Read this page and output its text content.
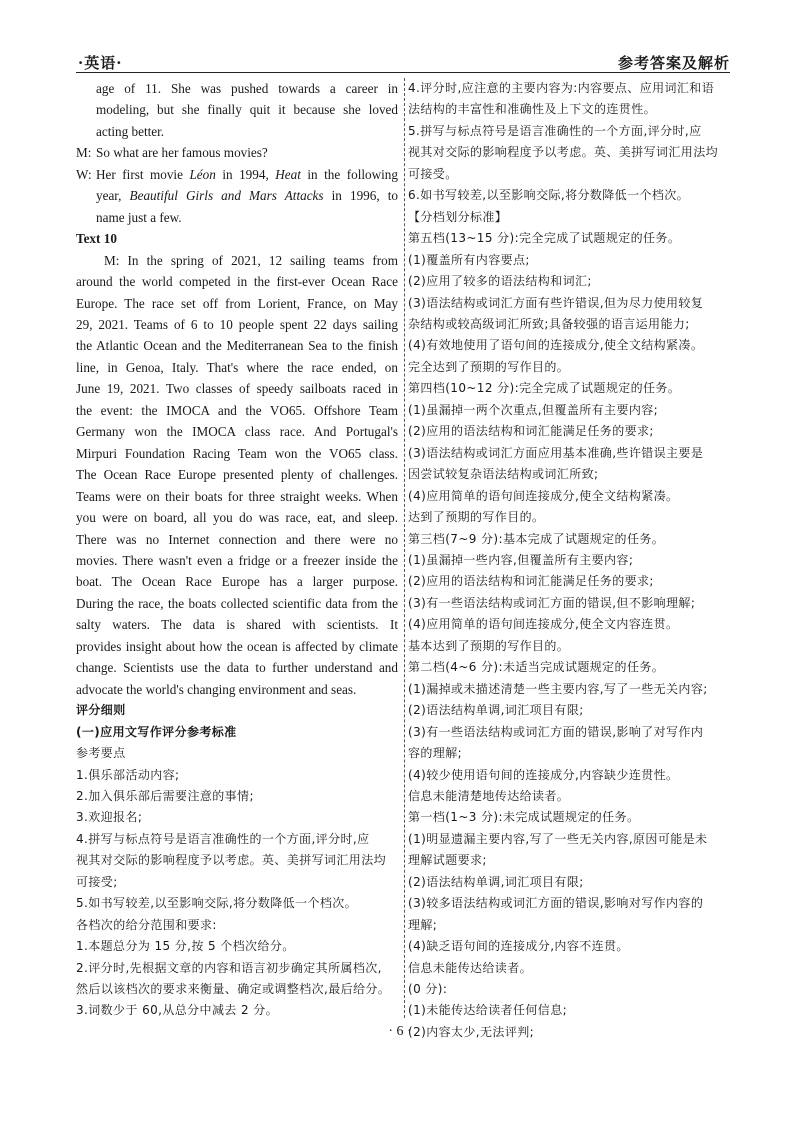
·英语·	参考答案及解析
age of 11. She was pushed towards a career in
modeling, but she finally quit it because she loved
acting better.
M: So what are her famous movies?
W: Her first movie Léon in 1994, Heat in the following
year, Beautiful Girls and Mars Attacks in 1996, to
name just a few.
Text 10
M: In the spring of 2021, 12 sailing teams from
around the world competed in the first-ever Ocean Race
Europe. The race set off from Lorient, France, on May
29, 2021. Teams of 6 to 10 people spent 22 days sailing
the Atlantic Ocean and the Mediterranean Sea to the finish
line, in Genoa, Italy. That's where the race ended, on
June 19, 2021. Two classes of speedy sailboats raced in
the event: the IMOCA and the VO65. Offshore Team
Germany won the IMOCA class race. And Portugal's
Mirpuri Foundation Racing Team won the VO65 class.
The Ocean Race Europe presented plenty of challenges.
Teams were on their boats for three straight weeks. When
you were on board, all you do was race, eat, and sleep.
There was no Internet connection and there were no
movies. There wasn't even a fridge or a freezer inside the
boat. The Ocean Race Europe has a larger purpose.
During the race, the boats collected scientific data from the
salty waters. The data is shared with scientists. It
provides insight about how the ocean is affected by climate
change. Scientists use the data to further understand and
advocate the world's changing environment and seas.
评分细则
(一)应用文写作评分参考标准
参考要点
1.俱乐部活动内容;
2.加入俱乐部后需要注意的事情;
3.欢迎报名;
4.拼写与标点符号是语言准确性的一个方面,评分时,应
视其对交际的影响程度予以考虑。英、美拼写词汇用法均
可接受;
5.如书写较差,以至影响交际,将分数降低一个档次。
各档次的给分范围和要求:
1.本题总分为 15 分,按 5 个档次给分。
2.评分时,先根据文章的内容和语言初步确定其所属档次,
然后以该档次的要求来衡量、确定或调整档次,最后给分。
3.词数少于 60,从总分中减去 2 分。
4.评分时,应注意的主要内容为:内容要点、应用词汇和语
法结构的丰富性和准确性及上下文的连贯性。
5.拼写与标点符号是语言准确性的一个方面,评分时,应
视其对交际的影响程度予以考虑。英、美拼写词汇用法均
可接受。
6.如书写较差,以至影响交际,将分数降低一个档次。
【分档划分标准】
第五档(13~15 分):完全完成了试题规定的任务。
(1)覆盖所有内容要点;
(2)应用了较多的语法结构和词汇;
(3)语法结构或词汇方面有些许错误,但为尽力使用较复
杂结构或较高级词汇所致;具备较强的语言运用能力;
(4)有效地使用了语句间的连接成分,使全文结构紧凑。
完全达到了预期的写作目的。
第四档(10~12 分):完全完成了试题规定的任务。
(1)虽漏掉一两个次重点,但覆盖所有主要内容;
(2)应用的语法结构和词汇能满足任务的要求;
(3)语法结构或词汇方面应用基本准确,些许错误主要是
因尝试较复杂语法结构或词汇所致;
(4)应用简单的语句间连接成分,使全文结构紧凑。
达到了预期的写作目的。
第三档(7~9 分):基本完成了试题规定的任务。
(1)虽漏掉一些内容,但覆盖所有主要内容;
(2)应用的语法结构和词汇能满足任务的要求;
(3)有一些语法结构或词汇方面的错误,但不影响理解;
(4)应用简单的语句间连接成分,使全文内容连贯。
基本达到了预期的写作目的。
第二档(4~6 分):未适当完成试题规定的任务。
(1)漏掉或未描述清楚一些主要内容,写了一些无关内容;
(2)语法结构单调,词汇项目有限;
(3)有一些语法结构或词汇方面的错误,影响了对写作内
容的理解;
(4)较少使用语句间的连接成分,内容缺少连贯性。
信息未能清楚地传达给读者。
第一档(1~3 分):未完成试题规定的任务。
(1)明显遗漏主要内容,写了一些无关内容,原因可能是未
理解试题要求;
(2)语法结构单调,词汇项目有限;
(3)较多语法结构或词汇方面的错误,影响对写作内容的
理解;
(4)缺乏语句间的连接成分,内容不连贯。
信息未能传达给读者。
(0 分):
(1)未能传达给读者任何信息;
(2)内容太少,无法评判;
· 6 ·
